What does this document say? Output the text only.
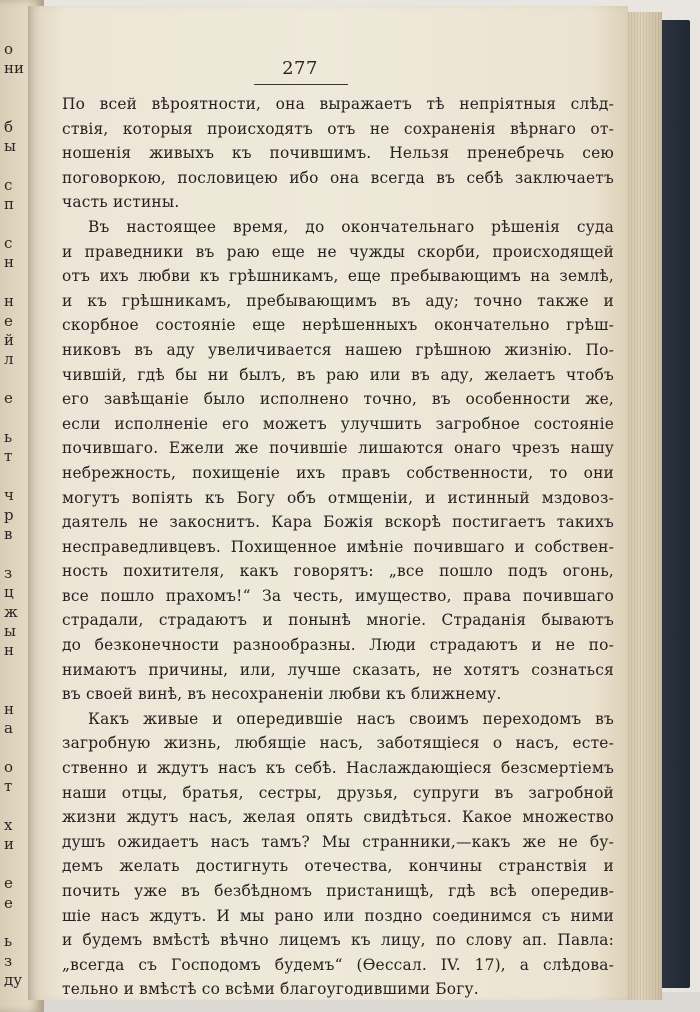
о
ни
б
ы
с
п
с
н
н
е
й
л
е
ь
т
ч
р
в
з
ц
ж
ы
н
н
а
о
т
х
и
е
е
ь
з
ду
277
По всей вѣроятности, она выражаетъ тѣ непріятныя слѣд-
ствія, которыя происходятъ отъ не сохраненія вѣрнаго от-
ношенія живыхъ къ почившимъ. Нельзя пренебречь сею
поговоркою, пословицею ибо она всегда въ себѣ заключаетъ
часть истины.
Въ настоящее время, до окончательнаго рѣшенія суда
и праведники въ раю еще не чужды скорби, происходящей
отъ ихъ любви къ грѣшникамъ, еще пребывающимъ на землѣ,
и къ грѣшникамъ, пребывающимъ въ аду; точно также и
скорбное состояніе еще нерѣшенныхъ окончательно грѣш-
никовъ въ аду увеличивается нашею грѣшною жизнію. По-
чившій, гдѣ бы ни былъ, въ раю или въ аду, желаетъ чтобъ
его завѣщаніе было исполнено точно, въ особенности же,
если исполненіе его можетъ улучшить загробное состояніе
почившаго. Ежели же почившіе лишаются онаго чрезъ нашу
небрежность, похищеніе ихъ правъ собственности, то они
могутъ вопіять къ Богу объ отмщеніи, и истинный мздовоз-
даятель не закоснитъ. Кара Божія вскорѣ постигаетъ такихъ
несправедливцевъ. Похищенное имѣніе почившаго и собствен-
ность похитителя, какъ говорятъ: „все пошло подъ огонь,
все пошло прахомъ!“ За честь, имущество, права почившаго
страдали, страдаютъ и понынѣ многіе. Страданія бываютъ
до безконечности разнообразны. Люди страдаютъ и не по-
нимаютъ причины, или, лучше сказать, не хотятъ сознаться
въ своей винѣ, въ несохраненіи любви къ ближнему.
Какъ живые и опередившіе насъ своимъ переходомъ въ
загробную жизнь, любящіе насъ, заботящіеся о насъ, есте-
ственно и ждутъ насъ къ себѣ. Наслаждающіеся безсмертіемъ
наши отцы, братья, сестры, друзья, супруги въ загробной
жизни ждутъ насъ, желая опять свидѣться. Какое множество
душъ ожидаетъ насъ тамъ? Мы странники,—какъ же не бу-
демъ желать достигнуть отечества, кончины странствія и
почить уже въ безбѣдномъ пристанищѣ, гдѣ всѣ опередив-
шіе насъ ждутъ. И мы рано или поздно соединимся съ ними
и будемъ вмѣстѣ вѣчно лицемъ къ лицу, по слову ап. Павла:
„всегда съ Господомъ будемъ“ (Ѳессал. IV. 17), а слѣдова-
тельно и вмѣстѣ со всѣми благоугодившими Богу.
